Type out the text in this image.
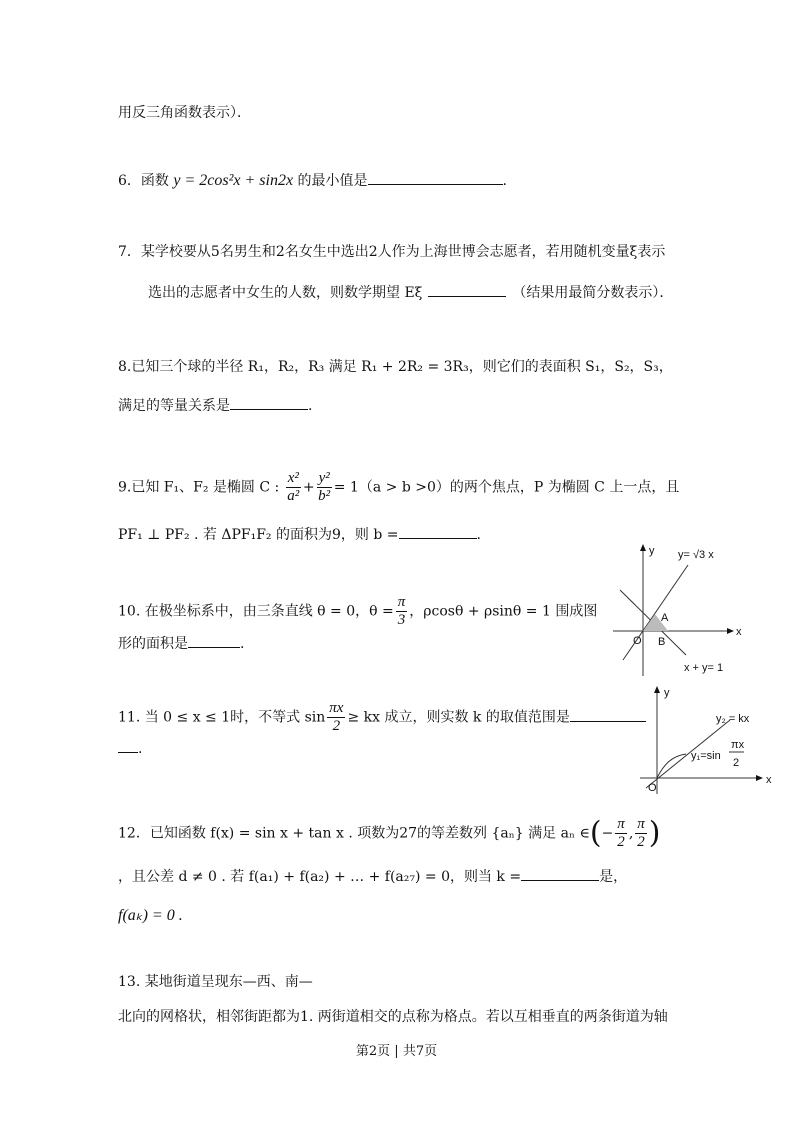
用反三角函数表示）．
6．函数 y = 2cos²x + sin2x 的最小值是	.
7．某学校要从5名男生和2名女生中选出2人作为上海世博会志愿者，若用随机变量ξ表示
选出的志愿者中女生的人数，则数学期望 Eξ	（结果用最简分数表示）．
8.已知三个球的半径 R₁，R₂，R₃ 满足 R₁ + 2R₂ = 3R₃，则它们的表面积 S₁，S₂，S₃，
满足的等量关系是	.
9.已知 F₁、F₂ 是椭圆 C : $\frac{\text{x²}}{\text{a²}} + \frac{\text{y²}}{\text{b²}} = 1(a > b >0)$的两个焦点，P 为椭圆 C 上一点，且
PF₁ ⊥ PF₂ . 若 ΔPF₁F₂ 的面积为9，则 b =	.
10. 在极坐标系中，由三条直线 θ = 0，$\theta = \frac{\pi}{3}$ ，ρcosθ + ρsinθ = 1 围成图
形的面积是	.
11. 当 0 ≤ x ≤ 1时，不等式 $\sin \frac{\pi x}{2}$ ≥ kx 成立，则实数 k 的取值范围是
.
12．已知函数 f(x) = sin x + tan x . 项数为27的等差数列 {aₙ} 满足 aₙ ∈(− $\frac{\pi}{2}$ , $\frac{\pi}{2}$ )
，且公差 d ≠ 0 . 若 f(a₁) + f(a₂) + … + f(a₂₇) = 0，则当 k =	是，
f(aₖ) = 0 .
13. 某地街道呈现东—西、南—
北向的网格状，相邻街距都为1. 两街道相交的点称为格点。若以互相垂直的两条街道为轴
第2页 | 共7页
y
x
y= √3 x
x + y= 1
A
B
O
y
x
y₂ = kx
y₁=sin
πx
2
O
